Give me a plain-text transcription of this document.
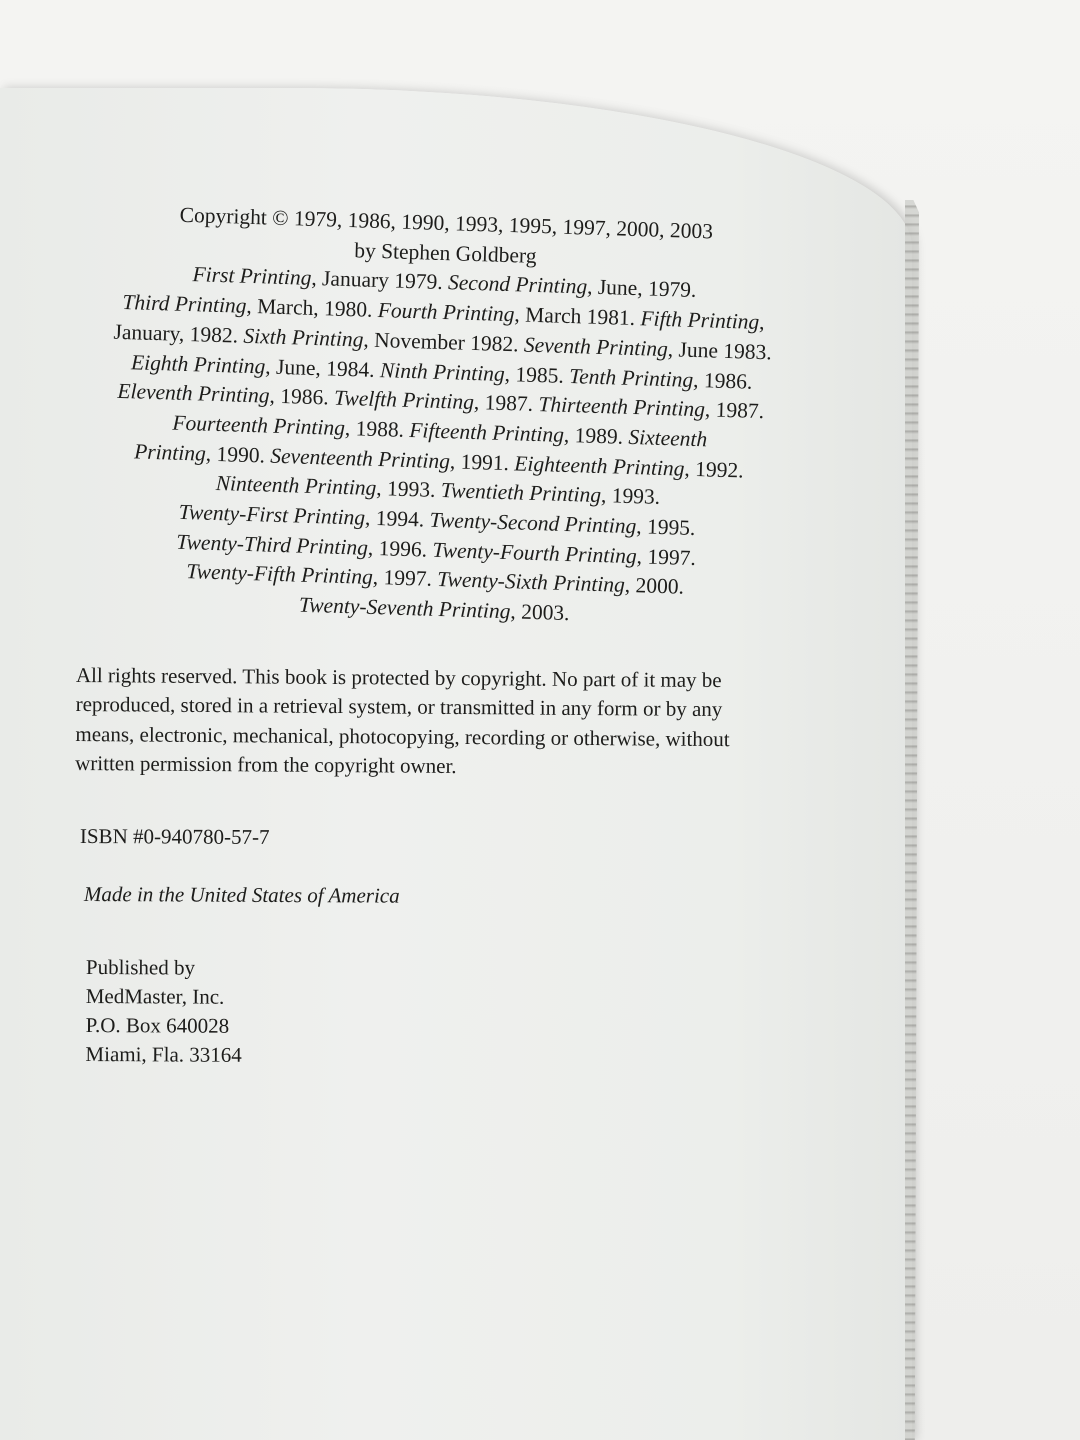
Copyright © 1979, 1986, 1990, 1993, 1995, 1997, 2000, 2003
by Stephen Goldberg
First Printing, January 1979. Second Printing, June, 1979.
Third Printing, March, 1980. Fourth Printing, March 1981. Fifth Printing,
January, 1982. Sixth Printing, November 1982. Seventh Printing, June 1983.
Eighth Printing, June, 1984. Ninth Printing, 1985. Tenth Printing, 1986.
Eleventh Printing, 1986. Twelfth Printing, 1987. Thirteenth Printing, 1987.
Fourteenth Printing, 1988. Fifteenth Printing, 1989. Sixteenth
Printing, 1990. Seventeenth Printing, 1991. Eighteenth Printing, 1992.
Ninteenth Printing, 1993. Twentieth Printing, 1993.
Twenty-First Printing, 1994. Twenty-Second Printing, 1995.
Twenty-Third Printing, 1996. Twenty-Fourth Printing, 1997.
Twenty-Fifth Printing, 1997. Twenty-Sixth Printing, 2000.
Twenty-Seventh Printing, 2003.
All rights reserved. This book is protected by copyright. No part of it may be
reproduced, stored in a retrieval system, or transmitted in any form or by any
means, electronic, mechanical, photocopying, recording or otherwise, without
written permission from the copyright owner.
ISBN #0-940780-57-7
Made in the United States of America
Published by
MedMaster, Inc.
P.O. Box 640028
Miami, Fla. 33164
